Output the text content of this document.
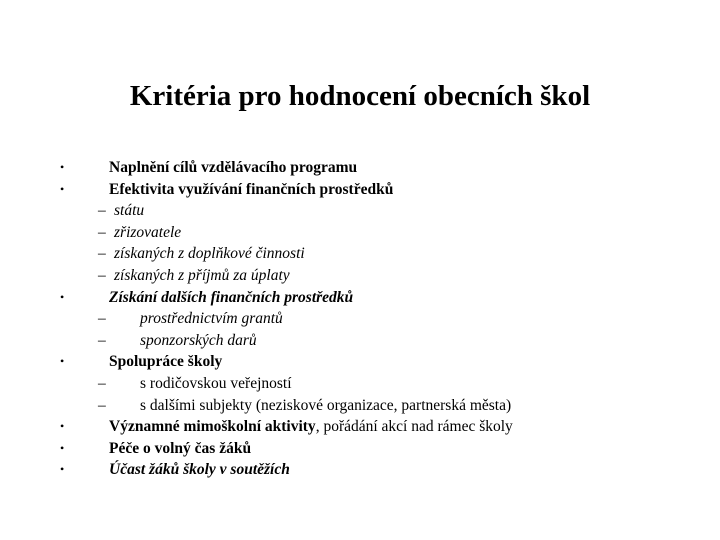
Kritéria pro hodnocení obecních škol
•	Naplnění cílů vzdělávacího programu
•	Efektivita využívání finančních prostředků
– státu
– zřizovatele
– získaných z doplňkové činnosti
– získaných z příjmů za úplaty
•	Získání dalších finančních prostředků
– prostřednictvím grantů
– sponzorských darů
•	Spolupráce školy
– s rodičovskou veřejností
– s dalšími subjekty (neziskové organizace, partnerská města)
•	Významné mimoškolní aktivity, pořádání akcí nad rámec školy
•	Péče o volný čas žáků
•	Účast žáků školy v soutěžích
